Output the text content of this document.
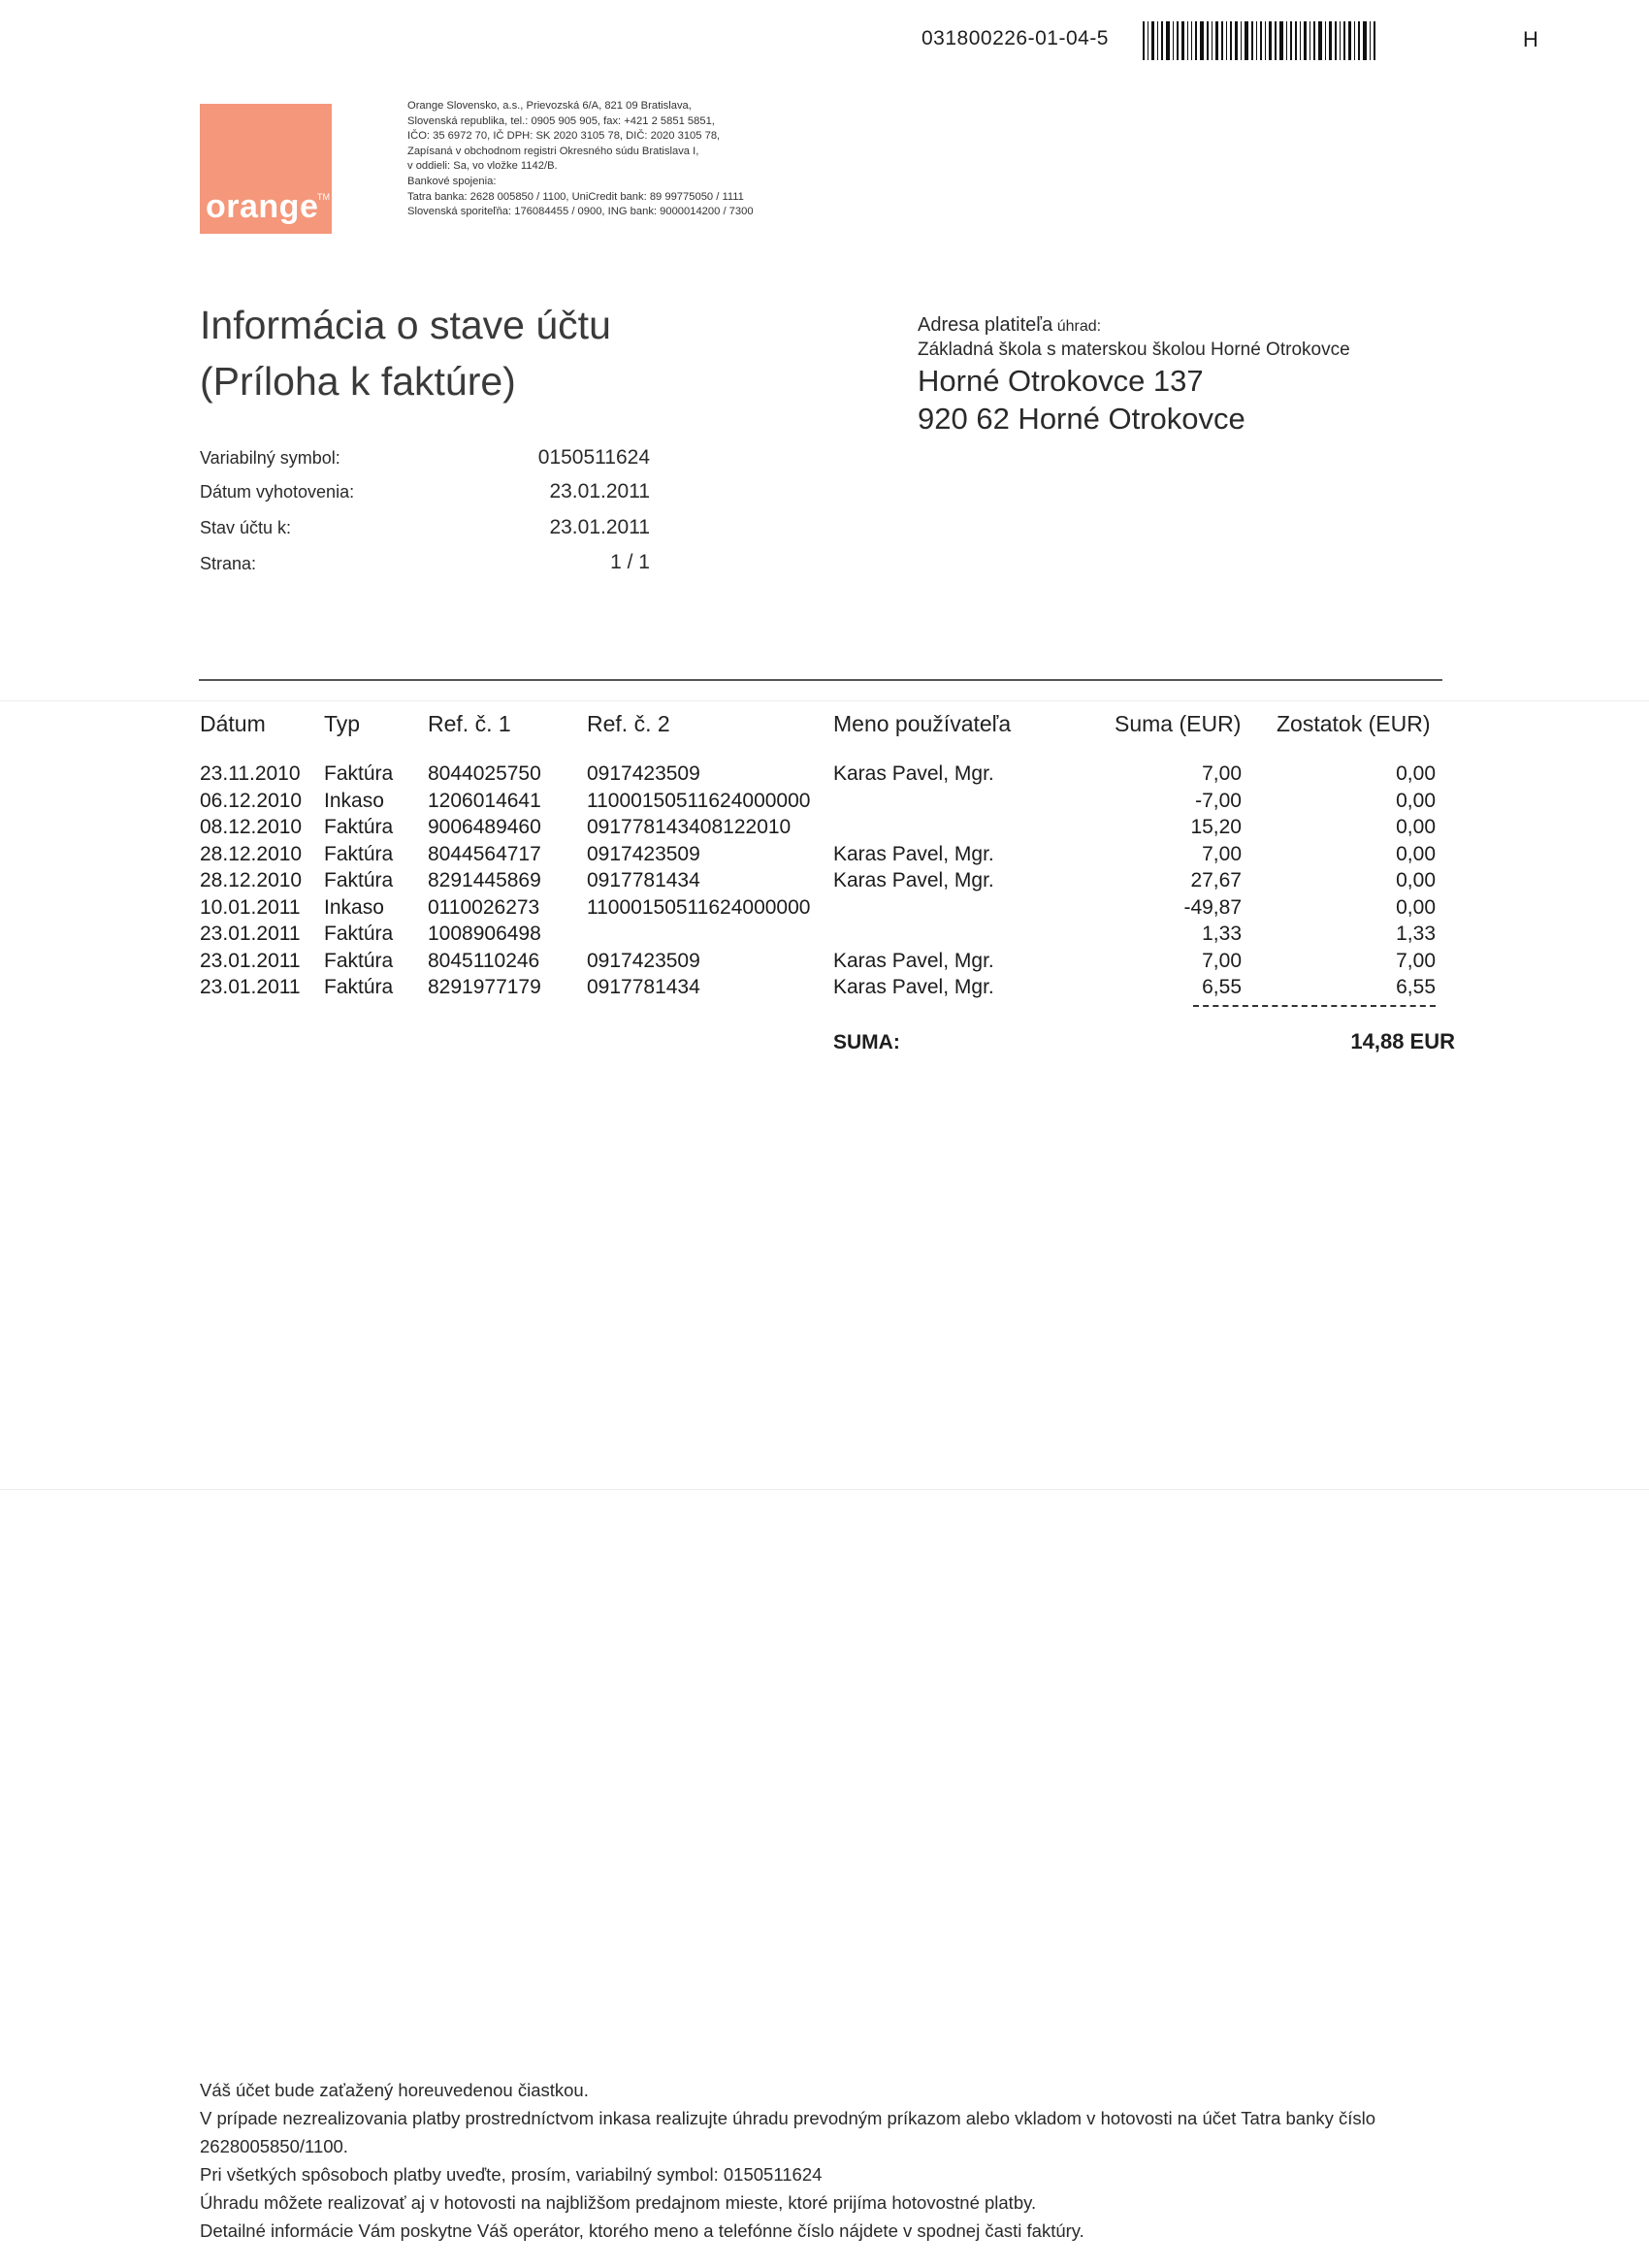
031800226-01-04-5	H
orange
TM
Orange Slovensko, a.s., Prievozská 6/A, 821 09 Bratislava,
Slovenská republika, tel.: 0905 905 905, fax: +421 2 5851 5851,
IČO: 35 6972 70, IČ DPH: SK 2020 3105 78, DIČ: 2020 3105 78,
Zapísaná v obchodnom registri Okresného súdu Bratislava I,
v oddieli: Sa, vo vložke 1142/B.
Bankové spojenia:
Tatra banka: 2628 005850 / 1100, UniCredit bank: 89 99775050 / 1111
Slovenská sporiteľňa: 176084455 / 0900, ING bank: 9000014200 / 7300
Informácia o stave účtu
(Príloha k faktúre)
Variabilný symbol:	0150511624
Dátum vyhotovenia:	23.01.2011
Stav účtu k:	23.01.2011
Strana:	1 / 1
Adresa platiteľa úhrad:
Základná škola s materskou školou Horné Otrokovce
Horné Otrokovce 137
920 62 Horné Otrokovce
Dátum	Typ	Ref. č. 1	Ref. č. 2	Meno používateľa	Suma (EUR) Zostatok (EUR)
23.11.2010 Faktúra 8044025750 0917423509	Karas Pavel, Mgr.	7,00	0,00
06.12.2010 Inkaso 1206014641 11000150511624000000	-7,00	0,00
08.12.2010 Faktúra 9006489460 091778143408122010	15,20	0,00
28.12.2010 Faktúra 8044564717 0917423509	Karas Pavel, Mgr.	7,00	0,00
28.12.2010 Faktúra 8291445869 0917781434	Karas Pavel, Mgr.	27,67	0,00
10.01.2011 Inkaso 0110026273 11000150511624000000	-49,87	0,00
23.01.2011 Faktúra 1008906498	1,33	1,33
23.01.2011 Faktúra 8045110246 0917423509	Karas Pavel, Mgr.	7,00	7,00
23.01.2011 Faktúra 8291977179 0917781434	Karas Pavel, Mgr.	6,55	6,55
SUMA:	14,88 EUR
Váš účet bude zaťažený horeuvedenou čiastkou.
V prípade nezrealizovania platby prostredníctvom inkasa realizujte úhradu prevodným príkazom alebo vkladom v hotovosti na účet Tatra banky číslo 2628005850/1100.
Pri všetkých spôsoboch platby uveďte, prosím, variabilný symbol: 0150511624
Úhradu môžete realizovať aj v hotovosti na najbližšom predajnom mieste, ktoré prijíma hotovostné platby.
Detailné informácie Vám poskytne Váš operátor, ktorého meno a telefónne číslo nájdete v spodnej časti faktúry.
